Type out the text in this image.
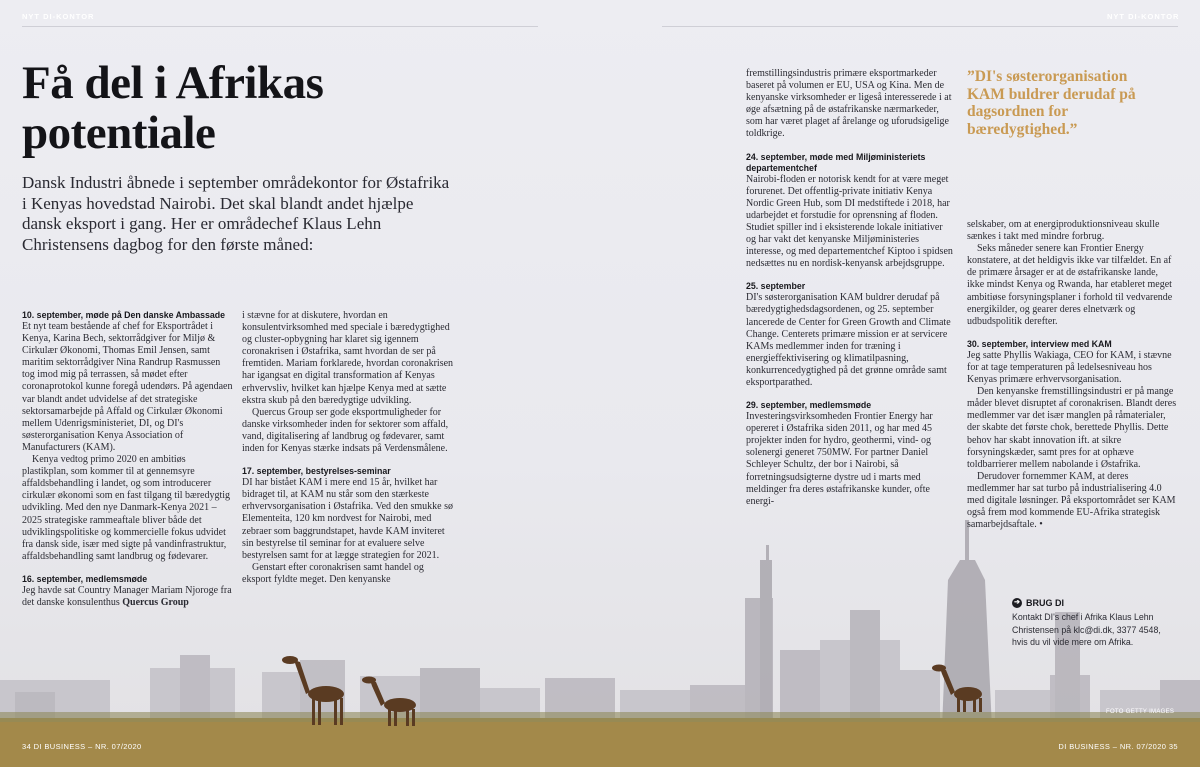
NYT DI-KONTOR	NYT DI-KONTOR
Få del i Afrikas
potentiale
Dansk Industri åbnede i september områdekontor for Østafrika i Kenyas hovedstad Nairobi. Det skal blandt andet hjælpe dansk eksport i gang. Her er områdechef Klaus Lehn Christensens dagbog for den første måned:
10. september, møde på Den danske Ambassade

Et nyt team bestående af chef for Eksportrådet i Kenya, Karina Bech, sektorrådgiver for Miljø & Cirkulær Økonomi, Thomas Emil Jensen, samt maritim sektorrådgiver Nina Randrup Rasmussen tog imod mig på terrassen, så mødet efter coronaprotokol kunne foregå udendørs. På agendaen var blandt andet udvidelse af det strategiske sektorsamarbejde på Affald og Cirkulær Økonomi mellem Udenrigsministeriet, DI, og DI's søsterorganisation Kenya Association of Manufacturers (KAM).

Kenya vedtog primo 2020 en ambitiøs plastikplan, som kommer til at gennemsyre affaldsbehandling i landet, og som introducerer cirkulær økonomi som en fast tilgang til bæredygtig udvikling. Med den nye Danmark-Kenya 2021 – 2025 strategiske rammeaftale bliver både det udviklingspolitiske og kommercielle fokus udvidet fra dansk side, især med sigte på vandinfrastruktur, affaldsbehandling samt landbrug og fødevarer.

16. september, medlemsmøde

Jeg havde sat Country Manager Mariam Njoroge fra det danske konsulenthus Quercus Group

i stævne for at diskutere, hvordan en konsulentvirksomhed med speciale i bæredygtighed og cluster-opbygning har klaret sig igennem coronakrisen i Østafrika, samt hvordan de ser på fremtiden. Mariam forklarede, hvordan coronakrisen har igangsat en digital transformation af Kenyas erhvervsliv, hvilket kan hjælpe Kenya med at sætte ekstra skub på den bæredygtige udvikling.

Quercus Group ser gode eksportmuligheder for danske virksomheder inden for sektorer som affald, vand, digitalisering af landbrug og fødevarer, samt inden for Kenyas stærke indsats på Verdensmålene.

17. september, bestyrelses-seminar

DI har bistået KAM i mere end 15 år, hvilket har bidraget til, at KAM nu står som den stærkeste erhvervsorganisation i Østafrika. Ved den smukke sø Elementeita, 120 km nordvest for Nairobi, med zebraer som baggrundstapet, havde KAM inviteret sin bestyrelse til seminar for at evaluere selve bestyrelsen samt for at lægge strategien for 2021.

Genstart efter coronakrisen samt handel og eksport fyldte meget. Den kenyanske

fremstillingsindustris primære eksportmarkeder baseret på volumen er EU, USA og Kina. Men de kenyanske virksomheder er ligeså interesserede i at øge afsætning på de østafrikanske nærmarkeder, som har været plaget af årelange og uforudsigelige toldkrige.

24. september, møde med Miljøministeriets departementchef

Nairobi-floden er notorisk kendt for at være meget forurenet. Det offentlig-private initiativ Kenya Nordic Green Hub, som DI medstiftede i 2018, har udarbejdet et forstudie for oprensning af floden. Studiet spiller ind i eksisterende lokale initiativer og har vakt det kenyanske Miljøministeries interesse, og med departementchef Kiptoo i spidsen nedsættes nu en nordisk-kenyansk arbejdsgruppe.

25. september

DI's søsterorganisation KAM buldrer derudaf på bæredygtighedsdagsordenen, og 25. september lancerede de Center for Green Growth and Climate Change. Centerets primære mission er at servicere KAMs medlemmer inden for træning i energieffektivisering og klimatilpasning, konkurrencedygtighed på det grønne område samt eksportparathed.

29. september, medlemsmøde

Investeringsvirksomheden Frontier Energy har opereret i Østafrika siden 2011, og har med 45 projekter inden for hydro, geothermi, vind- og solenergi generet 750MW. For partner Daniel Schleyer Schultz, der bor i Nairobi, så forretningsudsigterne dystre ud i marts med meldinger fra deres østafrikanske kunder, ofte energi-

”DI's søsterorganisation KAM buldrer derudaf på dagsordnen for bæredygtighed.”

selskaber, om at energiproduktionsniveau skulle sænkes i takt med mindre forbrug.

Seks måneder senere kan Frontier Energy konstatere, at det heldigvis ikke var tilfældet. En af de primære årsager er at de østafrikanske lande, ikke mindst Kenya og Rwanda, har etableret meget ambitiøse forsyningsplaner i forhold til vedvarende energikilder, og gearer deres elnetværk og udbudspolitik derefter.

30. september, interview med KAM

Jeg satte Phyllis Wakiaga, CEO for KAM, i stævne for at tage temperaturen på ledelsesniveau hos Kenyas primære erhvervsorganisation.

Den kenyanske fremstillingsindustri er på mange måder blevet disruptet af coronakrisen. Blandt deres medlemmer var det især manglen på råmaterialer, der skabte det første chok, berettede Phyllis. Dette behov har skabt innovation ift. at sikre forsyningskæder, samt pres for at ophæve toldbarrierer mellem nabolande i Østafrika.

Derudover fornemmer KAM, at deres medlemmer har sat turbo på industrialisering 4.0 med digitale løsninger. På eksportområdet ser KAM også frem mod kommende EU-Afrika strategisk samarbejdsaftale. •

➔ BRUG DI
Kontakt DI's chef i Afrika Klaus Lehn Christensen på klc@di.dk, 3377 4548, hvis du vil vide mere om Afrika.
FOTO GETTY IMAGES
34 DI BUSINESS – NR. 07/2020	DI BUSINESS – NR. 07/2020 35
